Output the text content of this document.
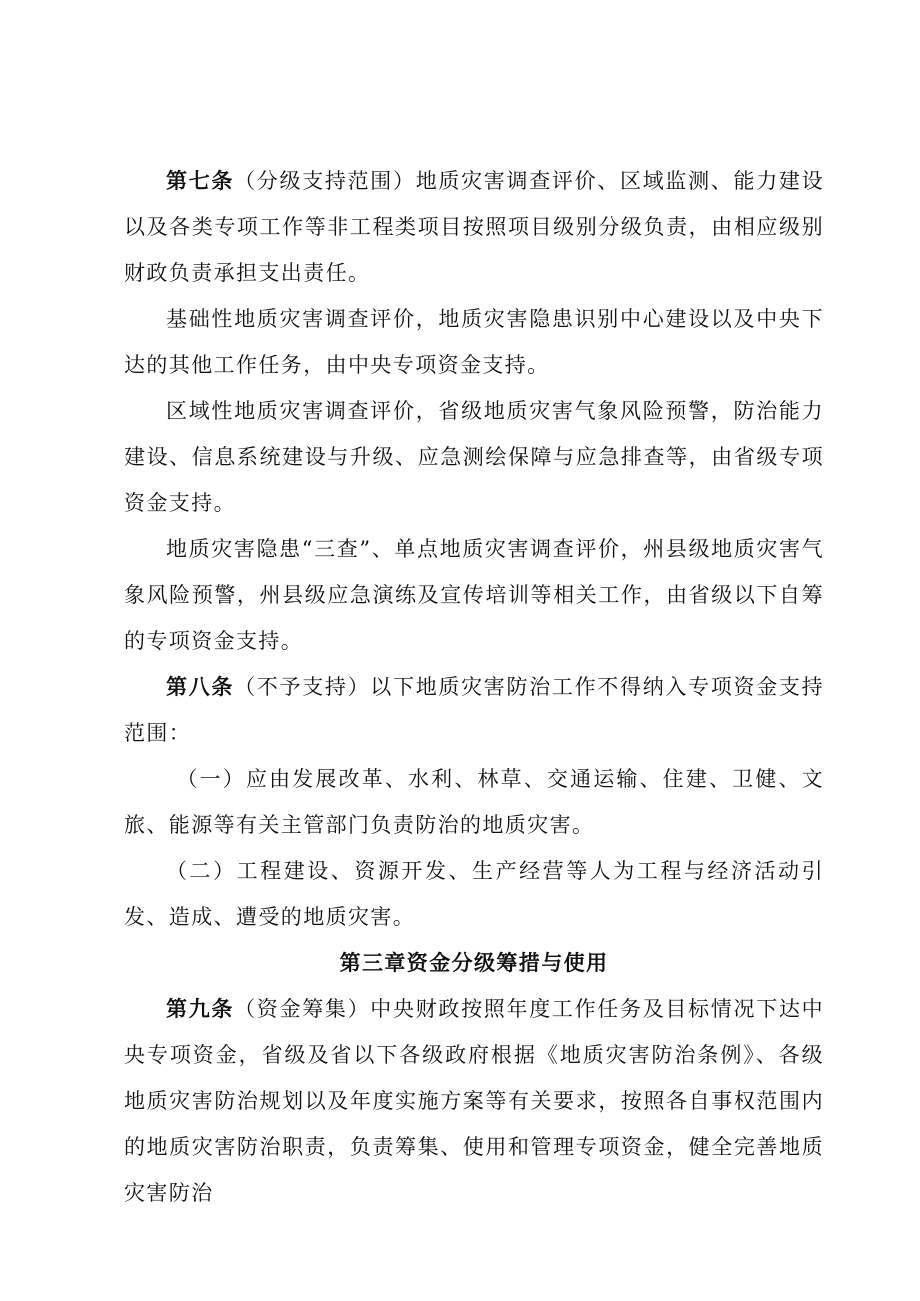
第七条（分级支持范围）地质灾害调查评价、区域监测、能力建设以及各类专项工作等非工程类项目按照项目级别分级负责，由相应级别财政负责承担支出责任。

基础性地质灾害调查评价，地质灾害隐患识别中心建设以及中央下达的其他工作任务，由中央专项资金支持。

区域性地质灾害调查评价，省级地质灾害气象风险预警，防治能力建设、信息系统建设与升级、应急测绘保障与应急排查等，由省级专项资金支持。

地质灾害隐患“三查”、单点地质灾害调查评价，州县级地质灾害气象风险预警，州县级应急演练及宣传培训等相关工作，由省级以下自筹的专项资金支持。

第八条（不予支持）以下地质灾害防治工作不得纳入专项资金支持范围：

（一）应由发展改革、水利、林草、交通运输、住建、卫健、文旅、能源等有关主管部门负责防治的地质灾害。

（二）工程建设、资源开发、生产经营等人为工程与经济活动引发、造成、遭受的地质灾害。

第三章资金分级筹措与使用

第九条（资金筹集）中央财政按照年度工作任务及目标情况下达中央专项资金，省级及省以下各级政府根据《地质灾害防治条例》、各级地质灾害防治规划以及年度实施方案等有关要求，按照各自事权范围内的地质灾害防治职责，负责筹集、使用和管理专项资金，健全完善地质灾害防治
